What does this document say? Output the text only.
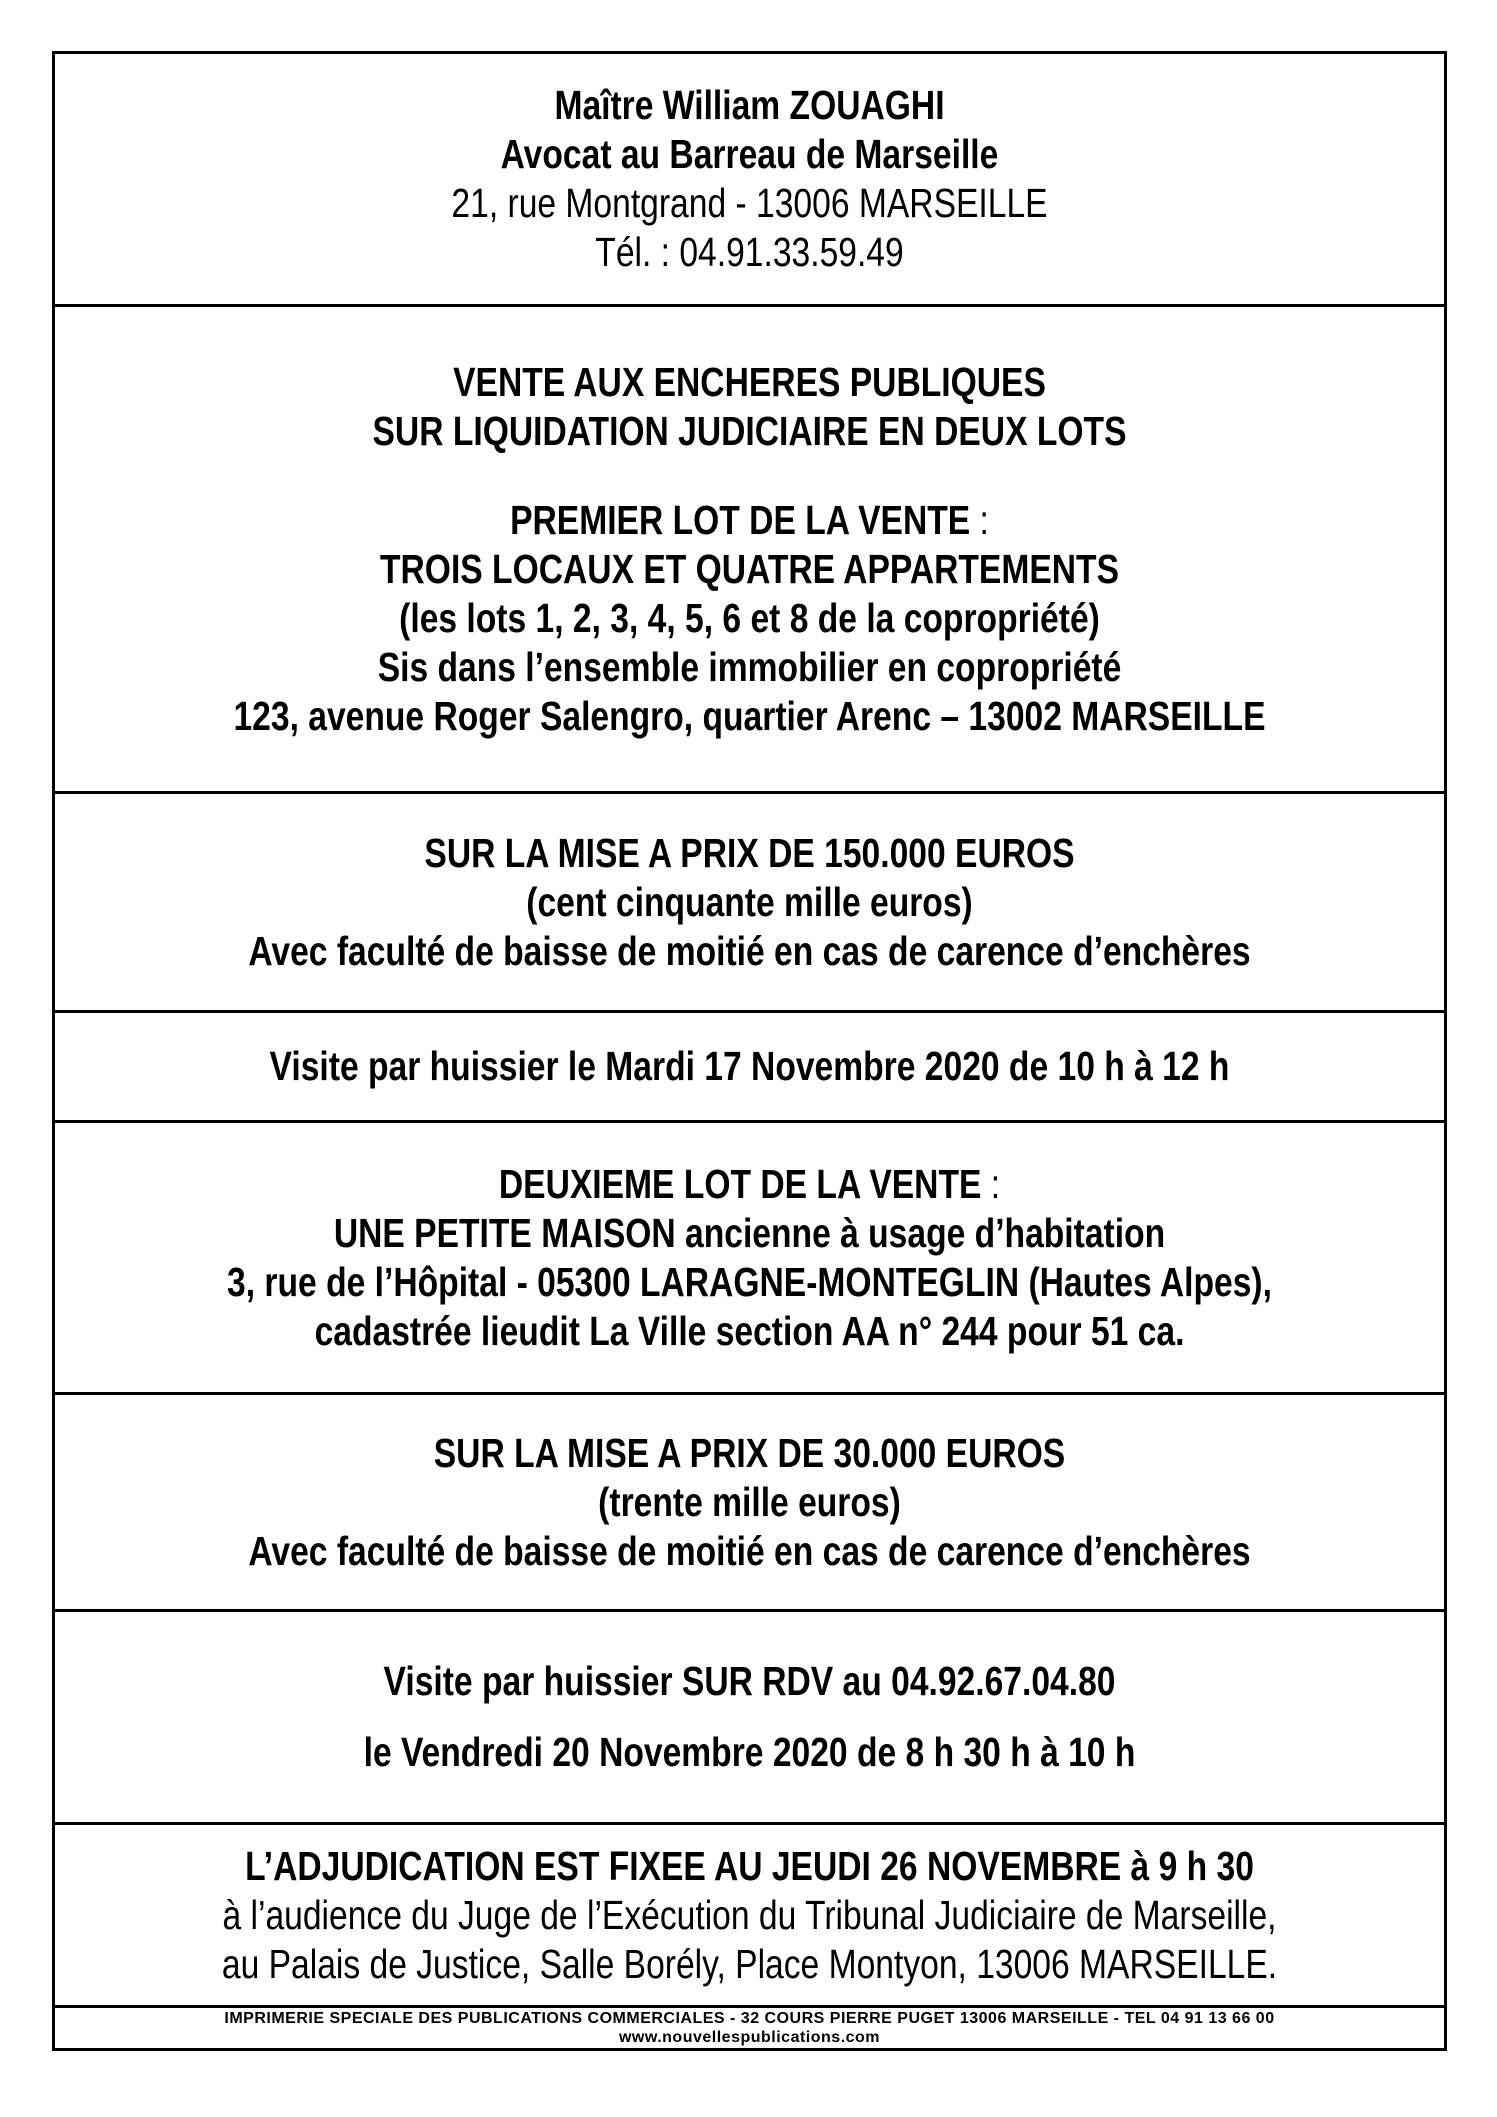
Maître William ZOUAGHI
Avocat au Barreau de Marseille
21, rue Montgrand - 13006 MARSEILLE
Tél. : 04.91.33.59.49
VENTE AUX ENCHERES PUBLIQUES
SUR LIQUIDATION JUDICIAIRE EN DEUX LOTS
PREMIER LOT DE LA VENTE :
TROIS LOCAUX ET QUATRE APPARTEMENTS
(les lots 1, 2, 3, 4, 5, 6 et 8 de la copropriété)
Sis dans l’ensemble immobilier en copropriété
123, avenue Roger Salengro, quartier Arenc – 13002 MARSEILLE
SUR LA MISE A PRIX DE 150.000 EUROS
(cent cinquante mille euros)
Avec faculté de baisse de moitié en cas de carence d’enchères
Visite par huissier le Mardi 17 Novembre 2020 de 10 h à 12 h
DEUXIEME LOT DE LA VENTE :
UNE PETITE MAISON ancienne à usage d’habitation
3, rue de l’Hôpital - 05300 LARAGNE-MONTEGLIN (Hautes Alpes),
cadastrée lieudit La Ville section AA n° 244 pour 51 ca.
SUR LA MISE A PRIX DE 30.000 EUROS
(trente mille euros)
Avec faculté de baisse de moitié en cas de carence d’enchères
Visite par huissier SUR RDV au 04.92.67.04.80
le Vendredi 20 Novembre 2020 de 8 h 30 h à 10 h
L’ADJUDICATION EST FIXEE AU JEUDI 26 NOVEMBRE à 9 h 30
à l’audience du Juge de l’Exécution du Tribunal Judiciaire de Marseille,
au Palais de Justice, Salle Borély, Place Montyon, 13006 MARSEILLE.
IMPRIMERIE SPECIALE DES PUBLICATIONS COMMERCIALES - 32 COURS PIERRE PUGET 13006 MARSEILLE - TEL 04 91 13 66 00
www.nouvellespublications.com
